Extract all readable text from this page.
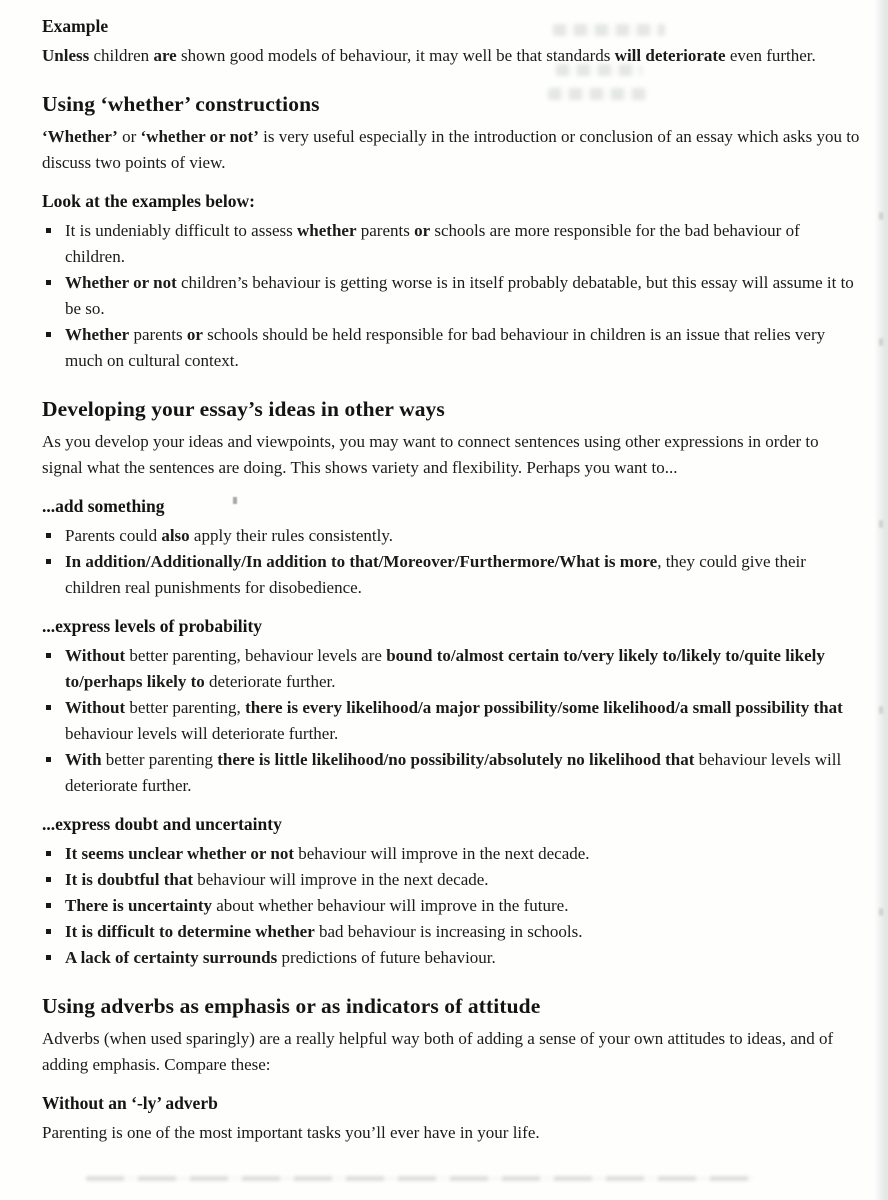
Example

Unless children are shown good models of behaviour, it may well be that standards will deteriorate even further.

Using ‘whether’ constructions

‘Whether’ or ‘whether or not’ is very useful especially in the introduction or conclusion of an essay which asks you to discuss two points of view.

Look at the examples below:
It is undeniably difficult to assess whether parents or schools are more responsible for the bad behaviour of children.
Whether or not children’s behaviour is getting worse is in itself probably debatable, but this essay will assume it to be so.
Whether parents or schools should be held responsible for bad behaviour in children is an issue that relies very much on cultural context.
Developing your essay’s ideas in other ways

As you develop your ideas and viewpoints, you may want to connect sentences using other expressions in order to signal what the sentences are doing. This shows variety and flexibility. Perhaps you want to...

...add something
Parents could also apply their rules consistently.
In addition/Additionally/In addition to that/Moreover/Furthermore/What is more, they could give their children real punishments for disobedience.
...express levels of probability
Without better parenting, behaviour levels are bound to/almost certain to/very likely to/likely to/quite likely to/perhaps likely to deteriorate further.
Without better parenting, there is every likelihood/a major possibility/some likelihood/a small possibility that behaviour levels will deteriorate further.
With better parenting there is little likelihood/no possibility/absolutely no likelihood that behaviour levels will deteriorate further.
...express doubt and uncertainty
It seems unclear whether or not behaviour will improve in the next decade.
It is doubtful that behaviour will improve in the next decade.
There is uncertainty about whether behaviour will improve in the future.
It is difficult to determine whether bad behaviour is increasing in schools.
A lack of certainty surrounds predictions of future behaviour.
Using adverbs as emphasis or as indicators of attitude

Adverbs (when used sparingly) are a really helpful way both of adding a sense of your own attitudes to ideas, and of adding emphasis. Compare these:

Without an ‘-ly’ adverb

Parenting is one of the most important tasks you’ll ever have in your life.
